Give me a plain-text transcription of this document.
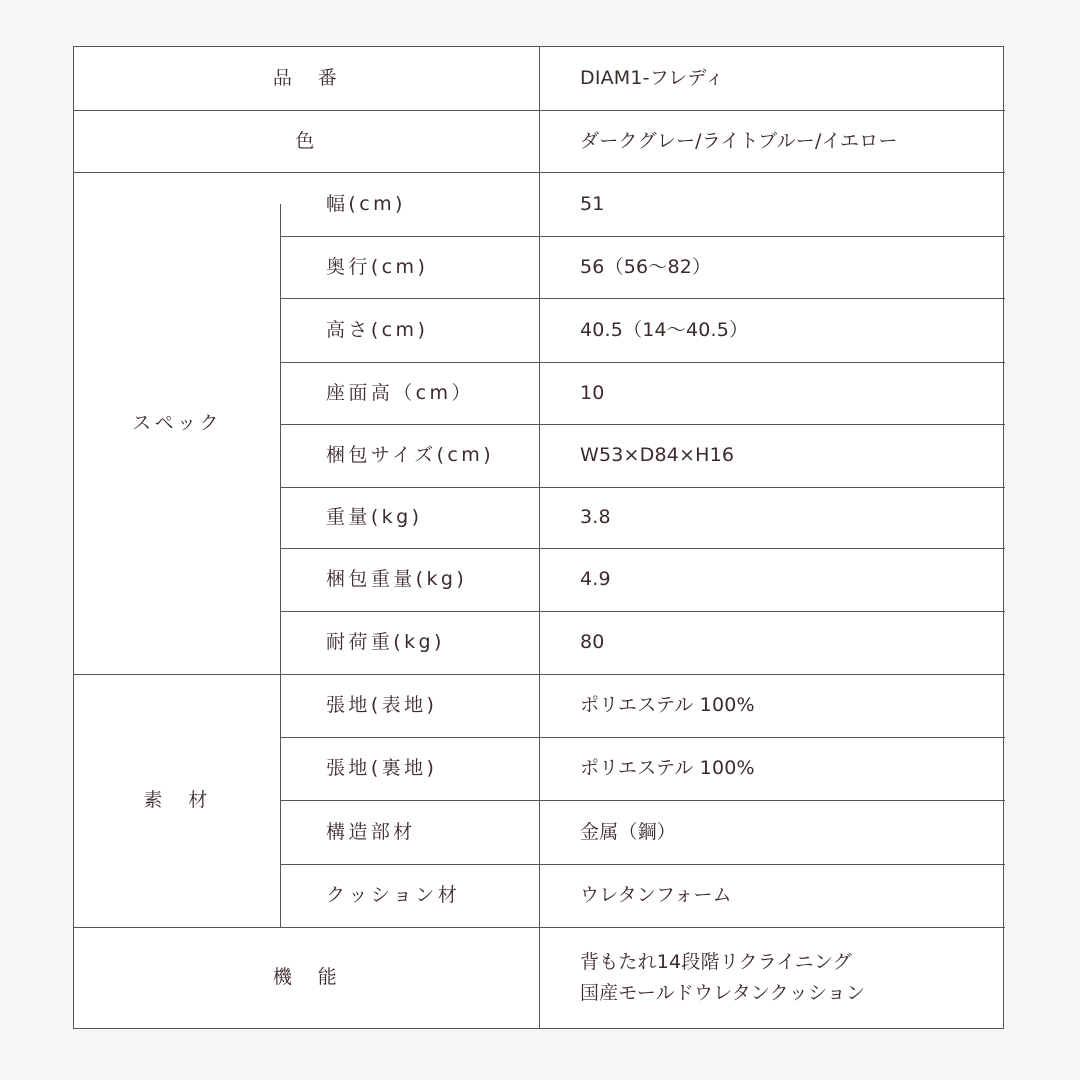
品　番	DIAM1-フレディ
色	ダークグレー/ライトブルー/イエロー
スペック
幅(cm)	51
奥行(cm)	56（56〜82）
高さ(cm)	40.5（14〜40.5）
座面高（cm）	10
梱包サイズ(cm)	W53×D84×H16
重量(kg)	3.8
梱包重量(kg)	4.9
耐荷重(kg)	80
素　材
張地(表地)	ポリエステル 100%
張地(裏地)	ポリエステル 100%
構造部材	金属（鋼）
クッション材	ウレタンフォーム
機　能
背もたれ14段階リクライニング
国産モールドウレタンクッション
